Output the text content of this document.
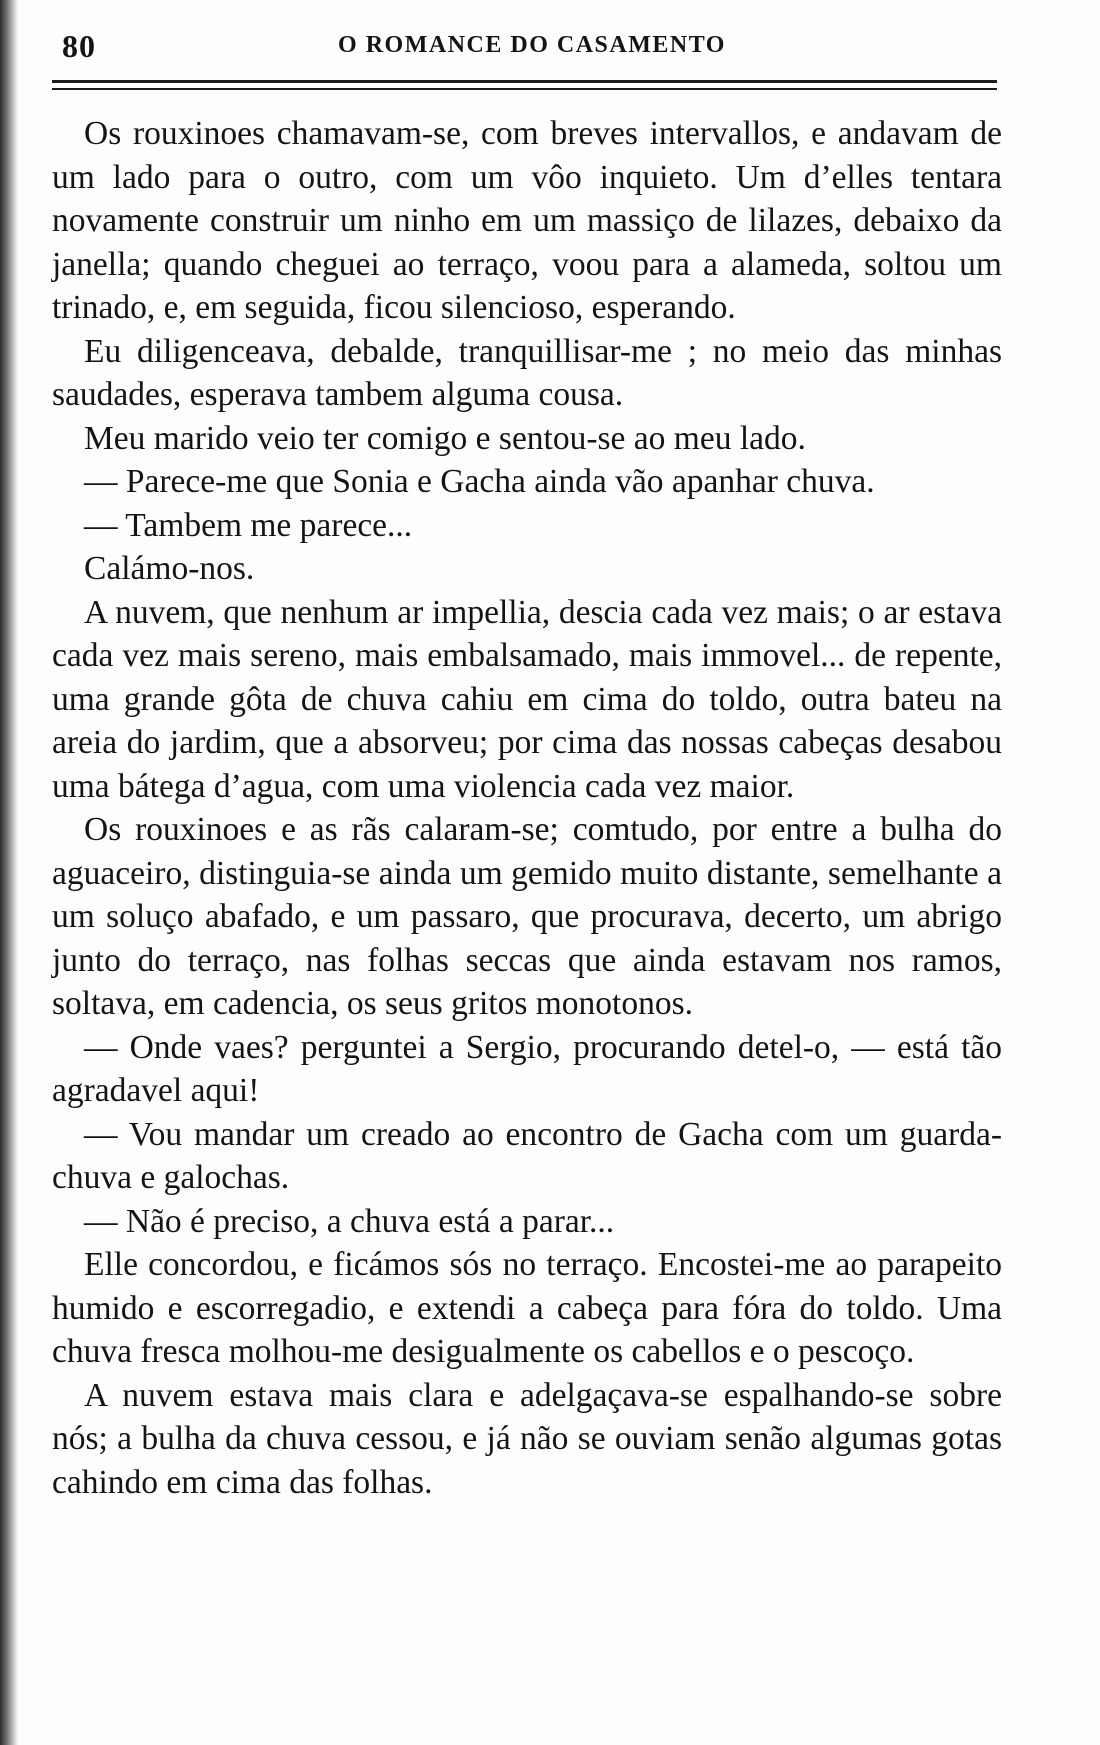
80	O ROMANCE DO CASAMENTO

Os rouxinoes chamavam-se, com breves intervallos, e andavam de um lado para o outro, com um vôo inquieto. Um d’elles tentara novamente construir um ninho em um massiço de lilazes, debaixo da janella; quando cheguei ao terraço, voou para a alameda, soltou um trinado, e, em seguida, ficou silencioso, esperando.

Eu diligenceava, debalde, tranquillisar-me ; no meio das minhas saudades, esperava tambem alguma cousa.

Meu marido veio ter comigo e sentou-se ao meu lado.

— Parece-me que Sonia e Gacha ainda vão apanhar chuva.

— Tambem me parece...

Calámo-nos.

A nuvem, que nenhum ar impellia, descia cada vez mais; o ar estava cada vez mais sereno, mais embalsamado, mais immovel... de repente, uma grande gôta de chuva cahiu em cima do toldo, outra bateu na areia do jardim, que a absorveu; por cima das nossas cabeças desabou uma bátega d’agua, com uma violencia cada vez maior.

Os rouxinoes e as rãs calaram-se; comtudo, por entre a bulha do aguaceiro, distinguia-se ainda um gemido muito distante, semelhante a um soluço abafado, e um passaro, que procurava, decerto, um abrigo junto do terraço, nas folhas seccas que ainda estavam nos ramos, soltava, em cadencia, os seus gritos monotonos.

— Onde vaes? perguntei a Sergio, procurando detel-o, — está tão agradavel aqui!

— Vou mandar um creado ao encontro de Gacha com um guarda-chuva e galochas.

— Não é preciso, a chuva está a parar...

Elle concordou, e ficámos sós no terraço. Encostei-me ao parapeito humido e escorregadio, e extendi a cabeça para fóra do toldo. Uma chuva fresca molhou-me desigualmente os cabellos e o pescoço.

A nuvem estava mais clara e adelgaçava-se espalhando-se sobre nós; a bulha da chuva cessou, e já não se ouviam senão algumas gotas cahindo em cima das folhas.
